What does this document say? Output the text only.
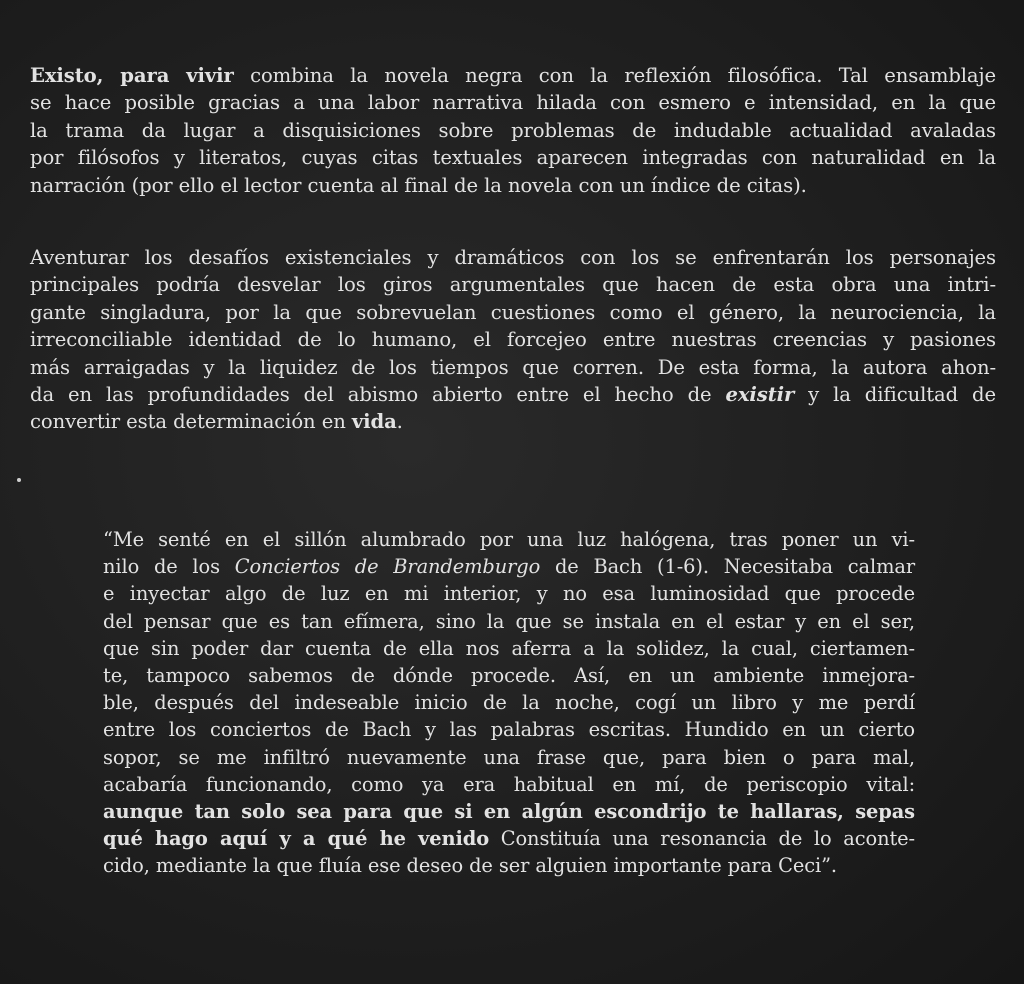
Existo, para vivir combina la novela negra con la reflexión filosófica. Tal ensamblaje
se hace posible gracias a una labor narrativa hilada con esmero e intensidad, en la que
la trama da lugar a disquisiciones sobre problemas de indudable actualidad avaladas
por filósofos y literatos, cuyas citas textuales aparecen integradas con naturalidad en la
narración (por ello el lector cuenta al final de la novela con un índice de citas).

Aventurar los desafíos existenciales y dramáticos con los se enfrentarán los personajes
principales podría desvelar los giros argumentales que hacen de esta obra una intri-
gante singladura, por la que sobrevuelan cuestiones como el género, la neurociencia, la
irreconciliable identidad de lo humano, el forcejeo entre nuestras creencias y pasiones
más arraigadas y la liquidez de los tiempos que corren. De esta forma, la autora ahon-
da en las profundidades del abismo abierto entre el hecho de existir y la dificultad de
convertir esta determinación en vida.

“Me senté en el sillón alumbrado por una luz halógena, tras poner un vi-
nilo de los Conciertos de Brandemburgo de Bach (1-6). Necesitaba calmar
e inyectar algo de luz en mi interior, y no esa luminosidad que procede
del pensar que es tan efímera, sino la que se instala en el estar y en el ser,
que sin poder dar cuenta de ella nos aferra a la solidez, la cual, ciertamen-
te, tampoco sabemos de dónde procede. Así, en un ambiente inmejora-
ble, después del indeseable inicio de la noche, cogí un libro y me perdí
entre los conciertos de Bach y las palabras escritas. Hundido en un cierto
sopor, se me infiltró nuevamente una frase que, para bien o para mal,
acabaría funcionando, como ya era habitual en mí, de periscopio vital:
aunque tan solo sea para que si en algún escondrijo te hallaras, sepas
qué hago aquí y a qué he venido Constituía una resonancia de lo aconte-
cido, mediante la que fluía ese deseo de ser alguien importante para Ceci”.
